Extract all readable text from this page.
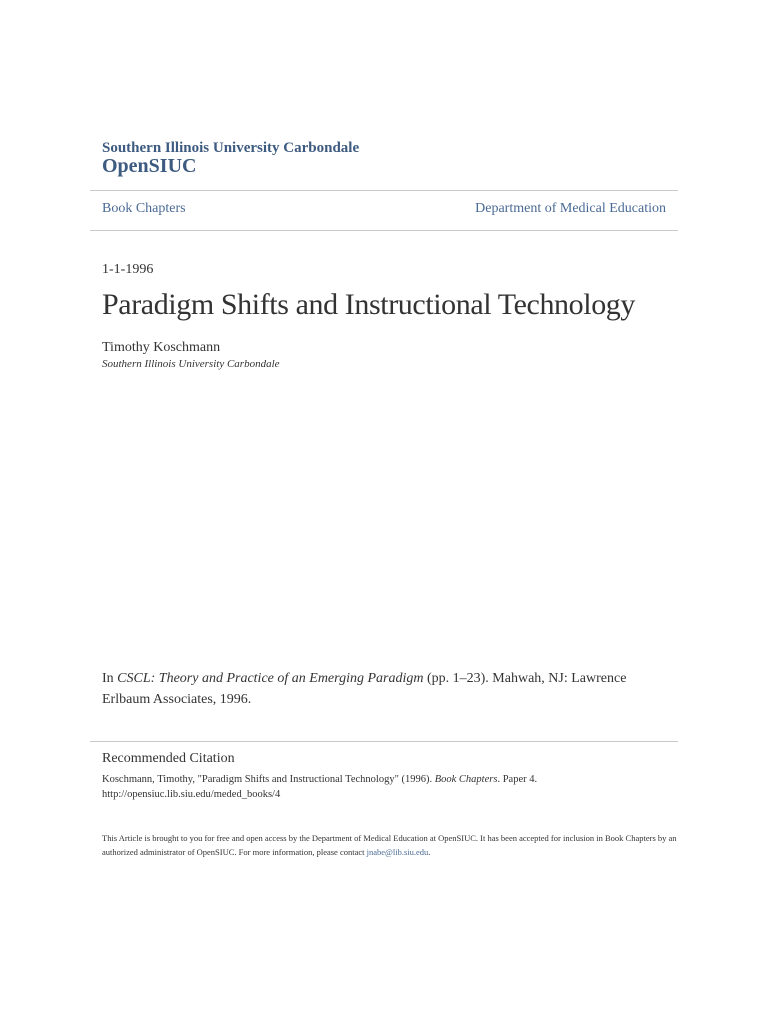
Southern Illinois University Carbondale
OpenSIUC
Book Chapters	Department of Medical Education
1-1-1996
Paradigm Shifts and Instructional Technology
Timothy Koschmann
Southern Illinois University Carbondale
In CSCL: Theory and Practice of an Emerging Paradigm (pp. 1–23). Mahwah, NJ: Lawrence Erlbaum Associates, 1996.
Recommended Citation
Koschmann, Timothy, "Paradigm Shifts and Instructional Technology" (1996). Book Chapters. Paper 4.
http://opensiuc.lib.siu.edu/meded_books/4
This Article is brought to you for free and open access by the Department of Medical Education at OpenSIUC. It has been accepted for inclusion in Book Chapters by an authorized administrator of OpenSIUC. For more information, please contact jnabe@lib.siu.edu.
